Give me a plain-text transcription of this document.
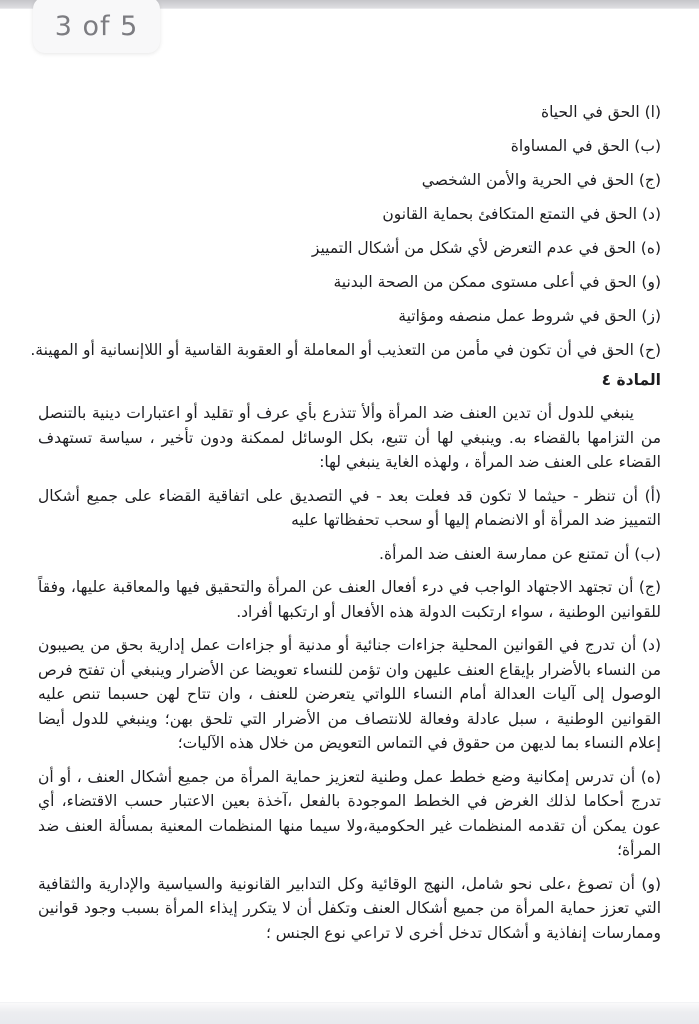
3 of 5
(ا) الحق في الحياة
(ب) الحق في المساواة
(ج) الحق في الحرية والأمن الشخصي
(د) الحق في التمتع المتكافئ بحماية القانون
(ه) الحق في عدم التعرض لأي شكل من أشكال التمييز
(و) الحق في أعلى مستوى ممكن من الصحة البدنية
(ز) الحق في شروط عمل منصفه ومؤاتية
(ح) الحق في أن تكون في مأمن من التعذيب أو المعاملة أو العقوبة القاسية أو اللاإنسانية أو المهينة.
المادة ٤

ينبغي للدول أن تدين العنف ضد المرأة وألأ تتذرع بأي عرف أو تقليد أو اعتبارات دينية بالتنصل من التزامها بالقضاء به. وينبغي لها أن تتبع، بكل الوسائل لممكنة ودون تأخير ، سياسة تستهدف القضاء على العنف ضد المرأة ، ولهذه الغاية ينبغي لها:

(أ) أن تنظر - حيثما لا تكون قد فعلت بعد - في التصديق على اتفاقية القضاء على جميع أشكال التمييز ضد المرأة أو الانضمام إليها أو سحب تحفظاتها عليه

(ب) أن تمتنع عن ممارسة العنف ضد المرأة.

(ج) أن تجتهد الاجتهاد الواجب في درء أفعال العنف عن المرأة والتحقيق فيها والمعاقبة عليها، وفقاً للقوانين الوطنية ، سواء ارتكبت الدولة هذه الأفعال أو ارتكبها أفراد.

(د) أن تدرج في القوانين المحلية جزاءات جنائية أو مدنية أو جزاءات عمل إدارية بحق من يصيبون من النساء بالأضرار بإيقاع العنف عليهن وان تؤمن للنساء تعويضا عن الأضرار وينبغي أن تفتح فرص الوصول إلى آليات العدالة أمام النساء اللواتي يتعرضن للعنف ، وان تتاح لهن حسبما تنص عليه القوانين الوطنية ، سبل عادلة وفعالة للانتصاف من الأضرار التي تلحق بهن؛ وينبغي للدول أيضا إعلام النساء بما لديهن من حقوق في التماس التعويض من خلال هذه الآليات؛

(ه) أن تدرس إمكانية وضع خطط عمل وطنية لتعزيز حماية المرأة من جميع أشكال العنف ، أو أن تدرج أحكاما لذلك الغرض في الخطط الموجودة بالفعل ،آخذة بعين الاعتبار حسب الاقتضاء، أي عون يمكن أن تقدمه المنظمات غير الحكومية،ولا سيما منها المنظمات المعنية بمسألة العنف ضد المرأة؛

(و) أن تصوغ ،على نحو شامل، النهج الوقائية وكل التدابير القانونية والسياسية والإدارية والثقافية التي تعزز حماية المرأة من جميع أشكال العنف وتكفل أن لا يتكرر إيذاء المرأة بسبب وجود قوانين وممارسات إنفاذية و أشكال تدخل أخرى لا تراعي نوع الجنس ؛
